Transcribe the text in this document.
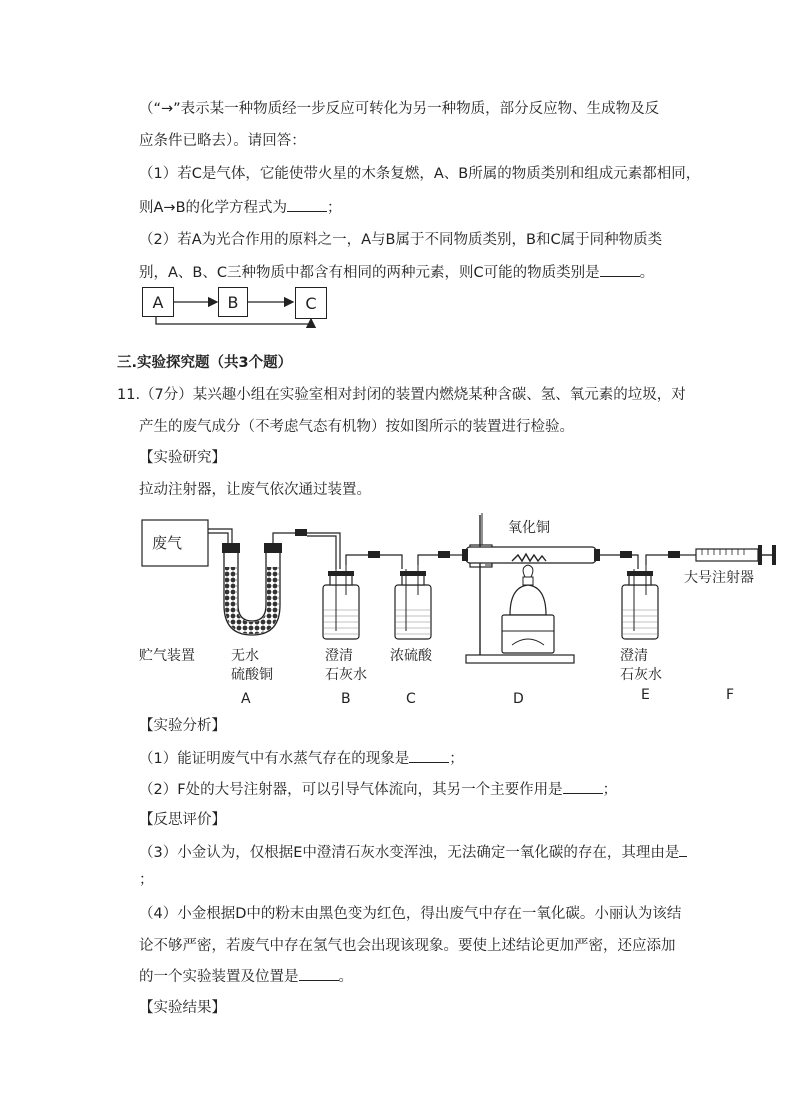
（“→”表示某一种物质经一步反应可转化为另一种物质，部分反应物、生成物及反
应条件已略去）。请回答：
（1）若C是气体，它能使带火星的木条复燃，A、B所属的物质类别和组成元素都相同，
则A→B的化学方程式为	；
（2）若A为光合作用的原料之一，A与B属于不同物质类别，B和C属于同种物质类
别，A、B、C三种物质中都含有相同的两种元素，则C可能的物质类别是	。
A	B	C
三.实验探究题（共3个题）
11.（7分）某兴趣小组在实验室相对封闭的装置内燃烧某种含碳、氢、氧元素的垃圾，对
产生的废气成分（不考虑气态有机物）按如图所示的装置进行检验。
【实验研究】
拉动注射器，让废气依次通过装置。
废气
氧化铜
大号注射器
贮气装置	无水
硫酸铜
澄清
石灰水
浓硫酸	澄清
石灰水
A	B	C	D	E	F
【实验分析】
（1）能证明废气中有水蒸气存在的现象是	；
（2）F处的大号注射器，可以引导气体流向，其另一个主要作用是	；
【反思评价】
（3）小金认为，仅根据E中澄清石灰水变浑浊，无法确定一氧化碳的存在，其理由是
；
（4）小金根据D中的粉末由黑色变为红色，得出废气中存在一氧化碳。小丽认为该结
论不够严密，若废气中存在氢气也会出现该现象。要使上述结论更加严密，还应添加
的一个实验装置及位置是	。
【实验结果】
